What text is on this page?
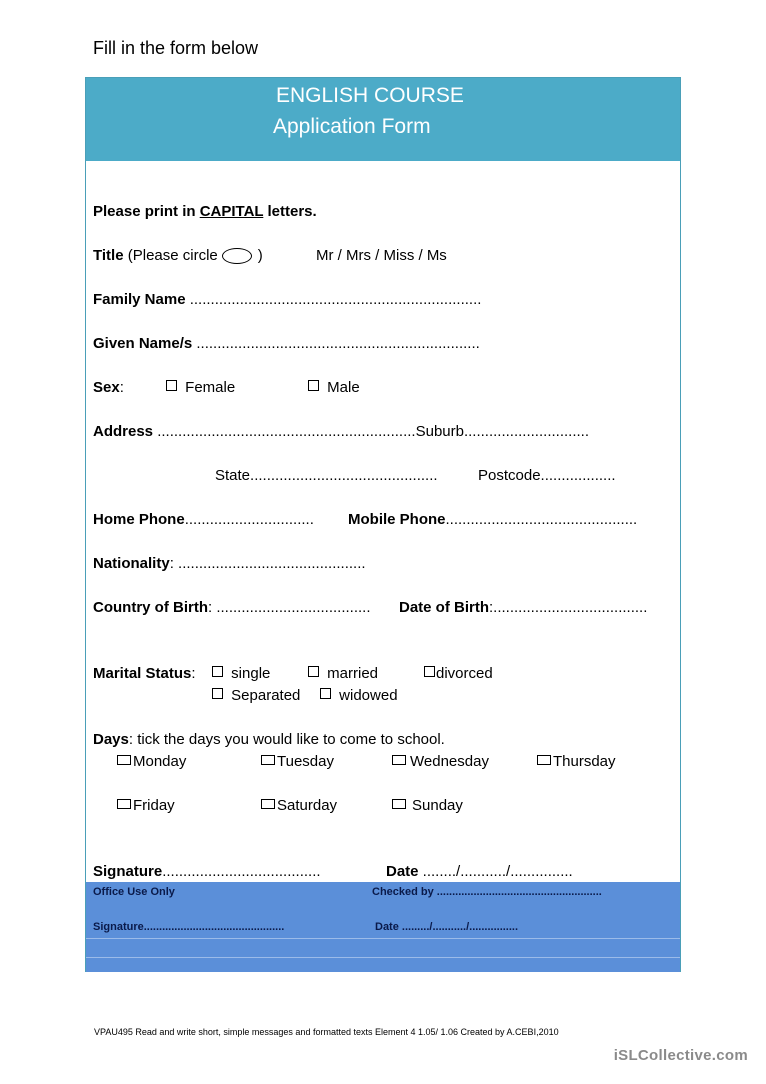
Fill in the form below
ENGLISH COURSE
Application Form
Please print in CAPITAL letters.
Title (Please circle	)	Mr / Mrs / Miss / Ms
Family Name ......................................................................
Given Name/s ....................................................................
Sex:	Female	Male
Address ..............................................................Suburb..............................
State.............................................	Postcode..................
Home Phone............................... Mobile Phone..............................................
Nationality: .............................................
Country of Birth: ..................................... Date of Birth:.....................................
Marital Status:	single	married	divorced
Separated	widowed
Days: tick the days you would like to come to school.
Monday	Tuesday	Wednesday	Thursday
Friday	Saturday	Sunday
Signature......................................	Date ......../.........../...............
Office Use Only	Checked by ......................................................
Signature..............................................	Date ........./.........../................
VPAU495 Read and write short, simple messages and formatted texts Element 4 1.05/ 1.06 Created by A.CEBI,2010
iSLCollective.com
